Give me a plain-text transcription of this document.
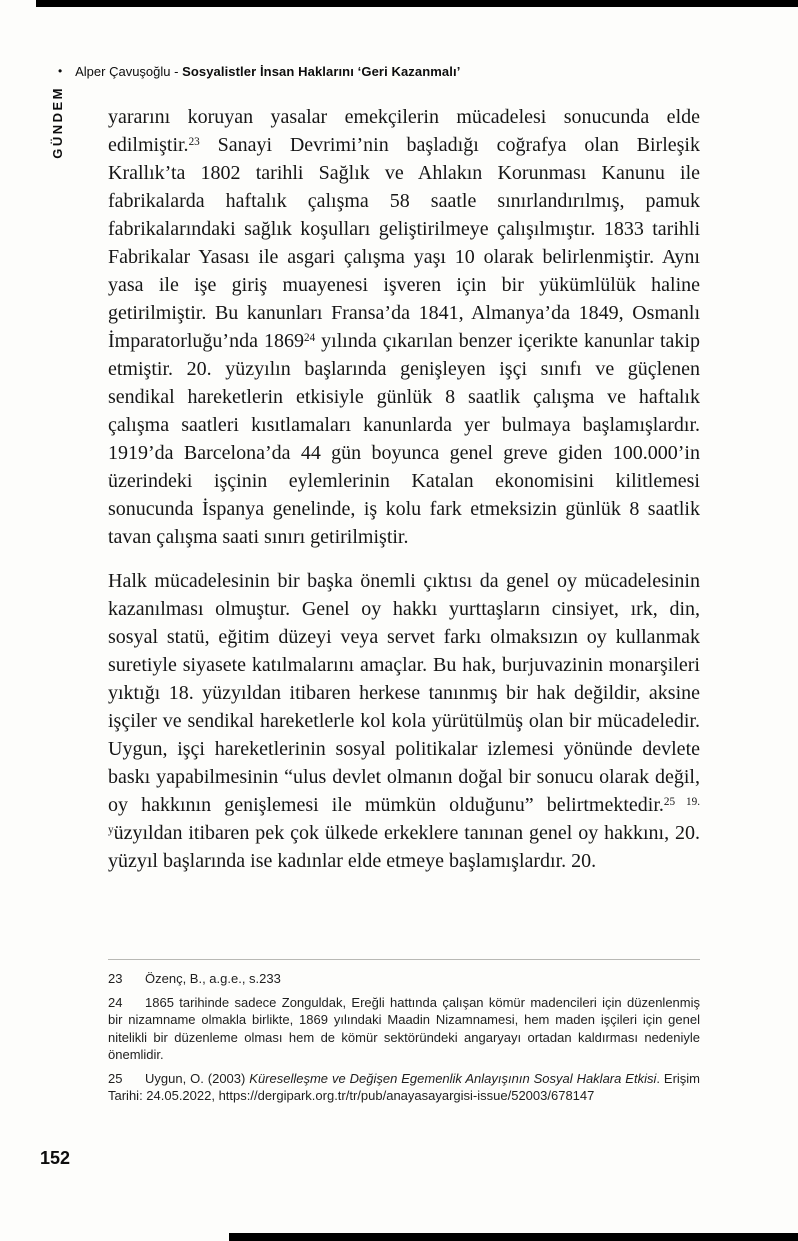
• Alper Çavuşoğlu - Sosyalistler İnsan Haklarını ‘Geri Kazanmalı’
GÜNDEM yararını koruyan yasalar emekçilerin mücadelesi sonucunda elde edilmiştir.$^{23}$ Sanayi Devrimi’nin başladığı coğrafya olan Birleşik Krallık’ta 1802 tarihli Sağlık ve Ahlakın Korunması Kanunu ile fabrikalarda haftalık çalışma 58 saatle sınırlandırılmış, pamuk fabrikalarındaki sağlık koşulları geliştirilmeye çalışılmıştır. 1833 tarihli Fabrikalar Yasası ile asgari çalışma yaşı 10 olarak belirlenmiştir. Aynı yasa ile işe giriş muayenesi işveren için bir yükümlülük haline getirilmiştir. Bu kanunları Fransa’da 1841, Almanya’da 1849, Osmanlı İmparatorluğu’nda 1869$^{24}$ yılında çıkarılan benzer içerikte kanunlar takip etmiştir. 20. yüzyılın başlarında genişleyen işçi sınıfı ve güçlenen sendikal hareketlerin etkisiyle günlük 8 saatlik çalışma ve haftalık çalışma saatleri kısıtlamaları kanunlarda yer bulmaya başlamışlardır. 1919’da Barcelona’da 44 gün boyunca genel greve giden 100.000’in üzerindeki işçinin eylemlerinin Katalan ekonomisini kilitlemesi sonucunda İspanya genelinde, iş kolu fark etmeksizin günlük 8 saatlik tavan çalışma saati sınırı getirilmiştir.

Halk mücadelesinin bir başka önemli çıktısı da genel oy mücadelesinin kazanılması olmuştur. Genel oy hakkı yurttaşların cinsiyet, ırk, din, sosyal statü, eğitim düzeyi veya servet farkı olmaksızın oy kullanmak suretiyle siyasete katılmalarını amaçlar. Bu hak, burjuvazinin monarşileri yıktığı 18. yüzyıldan itibaren herkese tanınmış bir hak değildir, aksine işçiler ve sendikal hareketlerle kol kola yürütülmüş olan bir mücadeledir. Uygun, işçi hareketlerinin sosyal politikalar izlemesi yönünde devlete baskı yapabilmesinin “ulus devlet olmanın doğal bir sonucu olarak değil, oy hakkının genişlemesi ile mümkün olduğunu” belirtmektedir.$^{25}$ $^{19. y}$üzyıldan itibaren pek çok ülkede erkeklere tanınan genel oy hakkını, 20. yüzyıl başlarında ise kadınlar elde etmeye başlamışlardır. 20.

23 Özenç, B., a.g.e., s.233

24 1865 tarihinde sadece Zonguldak, Ereğli hattında çalışan kömür madencileri için düzenlenmiş bir nizamname olmakla birlikte, 1869 yılındaki Maadin Nizamnamesi, hem maden işçileri için genel nitelikli bir düzenleme olması hem de kömür sektöründeki angaryayı ortadan kaldırması nedeniyle önemlidir.

25 Uygun, O. (2003) Küreselleşme ve Değişen Egemenlik Anlayışının Sosyal Haklara Etkisi. Erişim Tarihi: 24.05.2022, https://dergipark.org.tr/tr/pub/anayasayargisi-issue/52003/678147

152
